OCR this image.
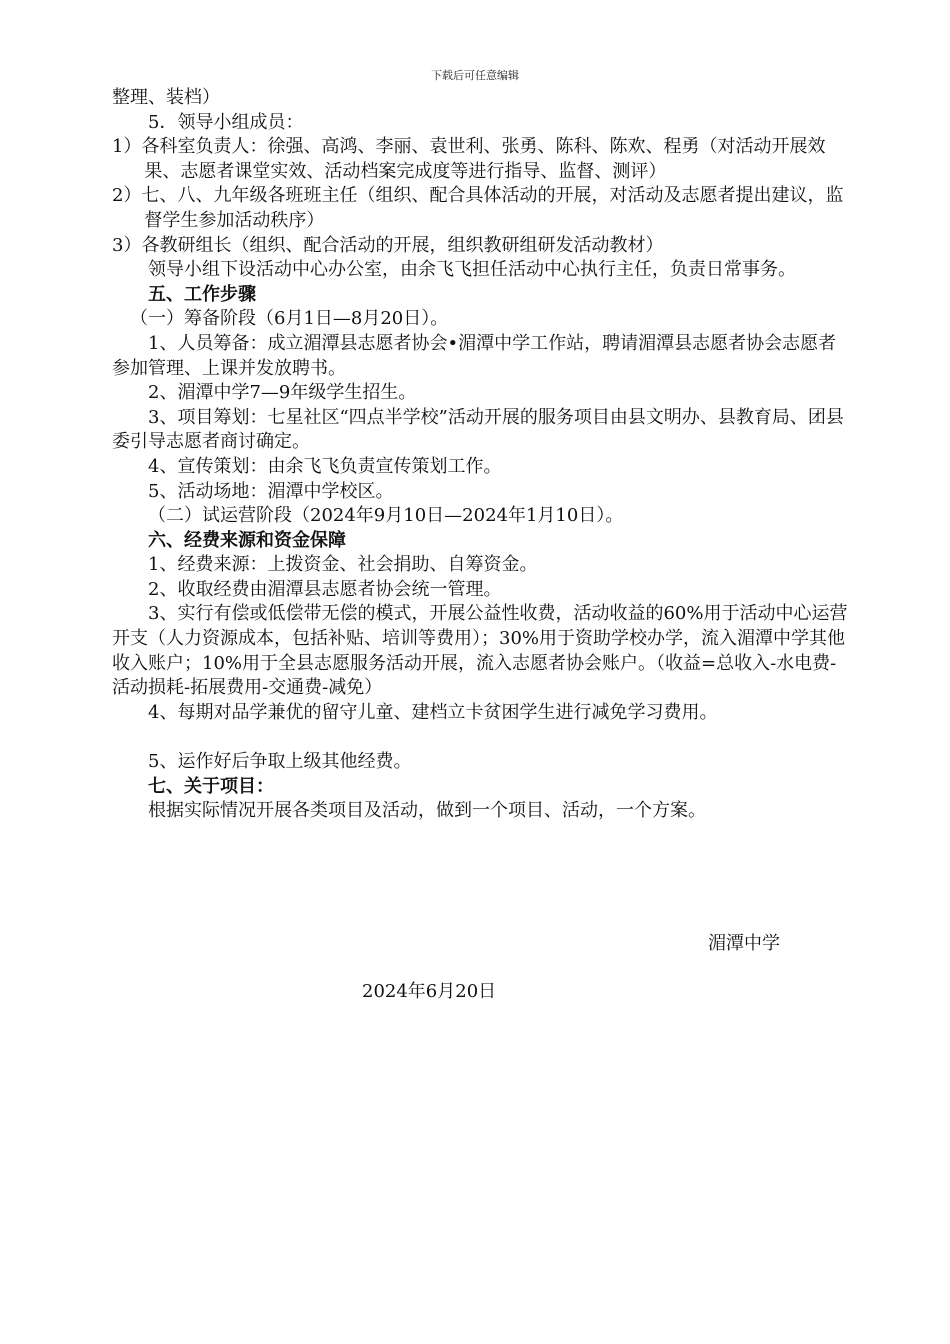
下载后可任意编辑

整理、装档）

5．领导小组成员：

1）各科室负责人：徐强、高鸿、李丽、袁世利、张勇、陈科、陈欢、程勇（对活动开展效果、志愿者课堂实效、活动档案完成度等进行指导、监督、测评）

2）七、八、九年级各班班主任（组织、配合具体活动的开展，对活动及志愿者提出建议，监督学生参加活动秩序）

3）各教研组长（组织、配合活动的开展，组织教研组研发活动教材）

领导小组下设活动中心办公室，由余飞飞担任活动中心执行主任，负责日常事务。

五、工作步骤

（一）筹备阶段（6月1日—8月20日）。

1、人员筹备：成立湄潭县志愿者协会•湄潭中学工作站，聘请湄潭县志愿者协会志愿者参加管理、上课并发放聘书。

2、湄潭中学7—9年级学生招生。

3、项目筹划：七星社区“四点半学校”活动开展的服务项目由县文明办、县教育局、团县委引导志愿者商讨确定。

4、宣传策划：由余飞飞负责宣传策划工作。

5、活动场地：湄潭中学校区。

（二）试运营阶段（2024年9月10日—2024年1月10日）。

六、经费来源和资金保障

1、经费来源：上拨资金、社会捐助、自筹资金。

2、收取经费由湄潭县志愿者协会统一管理。

3、实行有偿或低偿带无偿的模式，开展公益性收费，活动收益的60%用于活动中心运营开支（人力资源成本，包括补贴、培训等费用）；30%用于资助学校办学，流入湄潭中学其他收入账户；10%用于全县志愿服务活动开展，流入志愿者协会账户。（收益=总收入-水电费-活动损耗-拓展费用-交通费-减免）

4、每期对品学兼优的留守儿童、建档立卡贫困学生进行减免学习费用。

5、运作好后争取上级其他经费。

七、关于项目：

根据实际情况开展各类项目及活动，做到一个项目、活动，一个方案。

湄潭中学
2024年6月20日
